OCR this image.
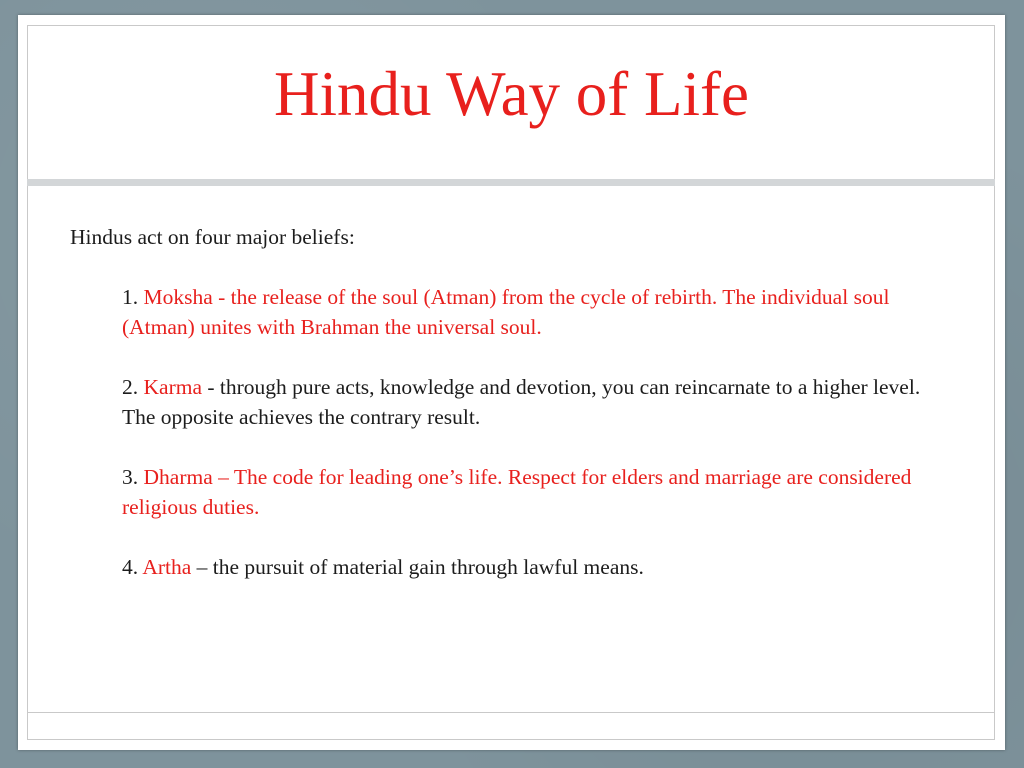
Hindu Way of Life

Hindus act on four major beliefs:

1. Moksha - the release of the soul (Atman) from the cycle of rebirth. The individual soul (Atman) unites with Brahman the universal soul.

2. Karma - through pure acts, knowledge and devotion, you can reincarnate to a higher level. The opposite achieves the contrary result.

3. Dharma – The code for leading one’s life. Respect for elders and marriage are considered religious duties.

4. Artha – the pursuit of material gain through lawful means.
